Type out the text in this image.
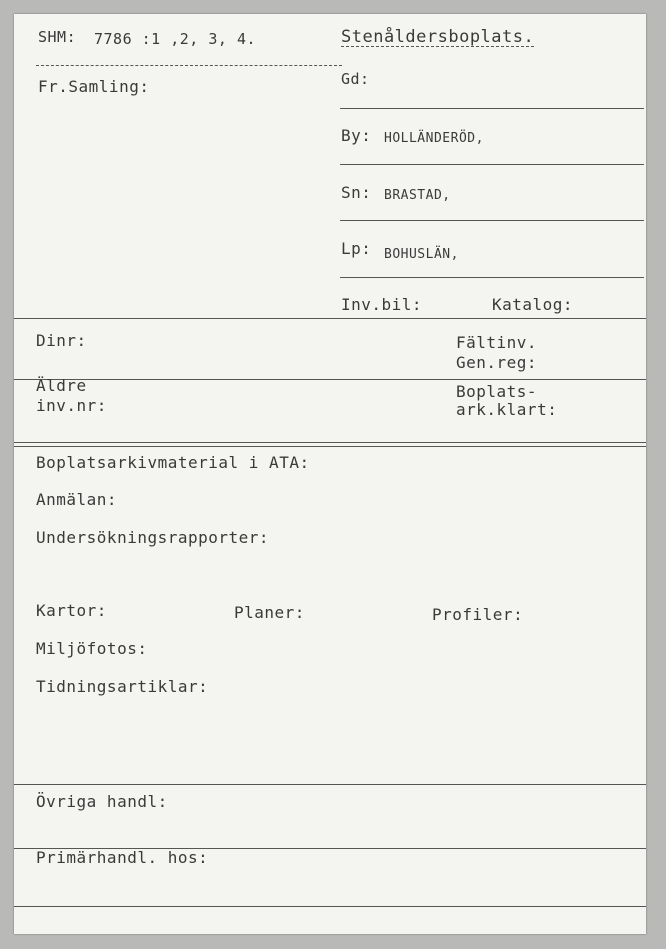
SHM: 7786 :1 ,2, 3, 4.	Stenåldersboplats.
Fr.Samling:	Gd:
By: HOLLÄNDERÖD,
Sn: BRASTAD,
Lp: BOHUSLÄN,
Inv.bil:	Katalog:
Dinr:	Fältinv.
Gen.reg:
Äldre
inv.nr:
Boplats-
ark.klart:
Boplatsarkivmaterial i ATA:
Anmälan:
Undersökningsrapporter:
Kartor:	Planer:	Profiler:
Miljöfotos:
Tidningsartiklar:
Övriga handl:
Primärhandl. hos:
